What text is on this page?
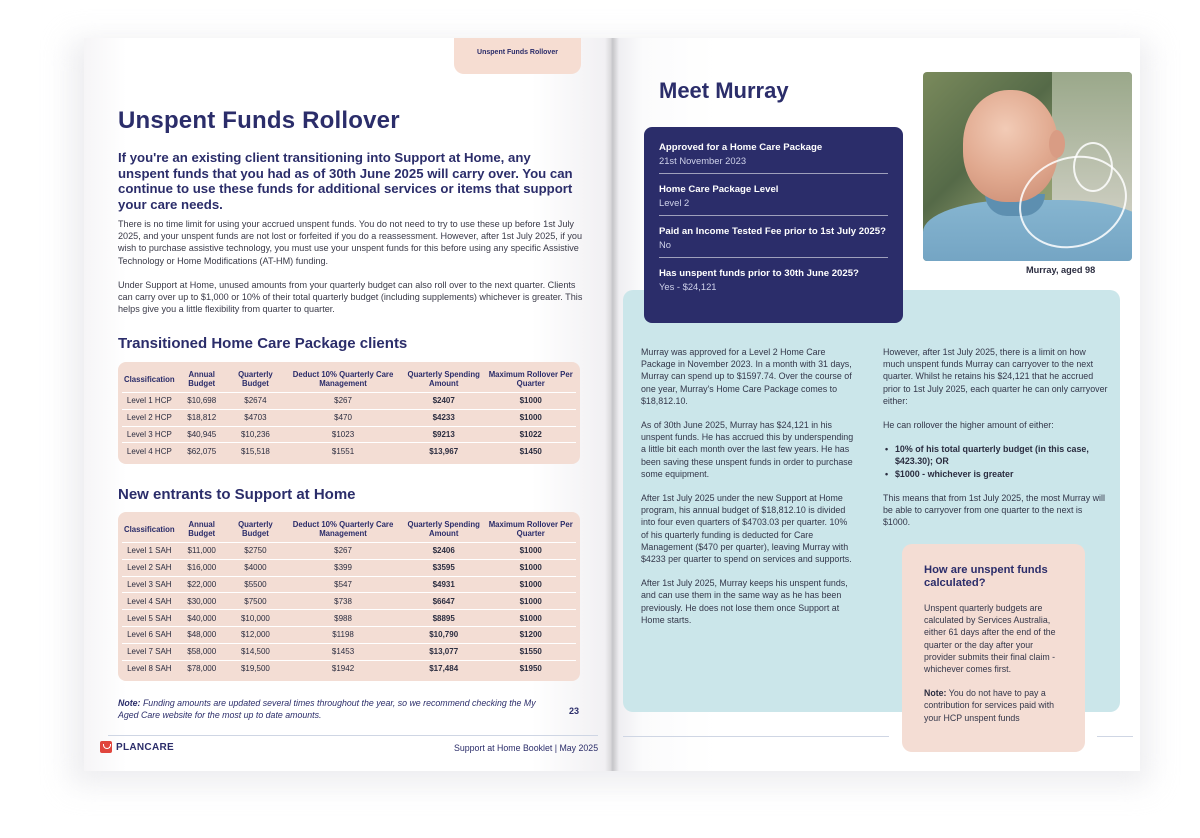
Unspent Funds Rollover
Unspent Funds Rollover
If you're an existing client transitioning into Support at Home, any unspent funds that you had as of 30th June 2025 will carry over. You can continue to use these funds for additional services or items that support your care needs.
There is no time limit for using your accrued unspent funds. You do not need to try to use these up before 1st July 2025, and your unspent funds are not lost or forfeited if you do a reassessment. However, after 1st July 2025, if you wish to purchase assistive technology, you must use your unspent funds for this before using any specific Assistive Technology or Home Modifications (AT-HM) funding.
Under Support at Home, unused amounts from your quarterly budget can also roll over to the next quarter. Clients can carry over up to $1,000 or 10% of their total quarterly budget (including supplements) whichever is greater. This helps give you a little flexibility from quarter to quarter.
Transitioned Home Care Package clients
Classification	Annual Budget	Quarterly Budget	Deduct 10% Quarterly Care Management	Quarterly Spending Amount	Maximum Rollover Per Quarter
Level 1 HCP	$10,698	$2674	$267	$2407	$1000
Level 2 HCP	$18,812	$4703	$470	$4233	$1000
Level 3 HCP	$40,945	$10,236	$1023	$9213	$1022
Level 4 HCP	$62,075	$15,518	$1551	$13,967	$1450
New entrants to Support at Home
Classification	Annual Budget	Quarterly Budget	Deduct 10% Quarterly Care Management	Quarterly Spending Amount	Maximum Rollover Per Quarter
Level 1 SAH	$11,000	$2750	$267	$2406	$1000
Level 2 SAH	$16,000	$4000	$399	$3595	$1000
Level 3 SAH	$22,000	$5500	$547	$4931	$1000
Level 4 SAH	$30,000	$7500	$738	$6647	$1000
Level 5 SAH	$40,000	$10,000	$988	$8895	$1000
Level 6 SAH	$48,000	$12,000	$1198	$10,790	$1200
Level 7 SAH	$58,000	$14,500	$1453	$13,077	$1550
Level 8 SAH	$78,000	$19,500	$1942	$17,484	$1950
Note: Funding amounts are updated several times throughout the year, so we recommend checking the My Aged Care website for the most up to date amounts.	23
PLANCARE	Support at Home Booklet | May 2025
Meet Murray
Murray, aged 98
Approved for a Home Care Package
21st November 2023
Home Care Package Level
Level 2
Paid an Income Tested Fee prior to 1st July 2025?
No
Has unspent funds prior to 30th June 2025?
Yes - $24,121

Murray was approved for a Level 2 Home Care Package in November 2023. In a month with 31 days, Murray can spend up to $1597.74. Over the course of one year, Murray's Home Care Package comes to $18,812.10.

As of 30th June 2025, Murray has $24,121 in his unspent funds. He has accrued this by underspending a little bit each month over the last few years. He has been saving these unspent funds in order to purchase some equipment.

After 1st July 2025 under the new Support at Home program, his annual budget of $18,812.10 is divided into four even quarters of $4703.03 per quarter. 10% of his quarterly funding is deducted for Care Management ($470 per quarter), leaving Murray with $4233 per quarter to spend on services and supports.

After 1st July 2025, Murray keeps his unspent funds, and can use them in the same way as he has been previously. He does not lose them once Support at Home starts.

However, after 1st July 2025, there is a limit on how much unspent funds Murray can carryover to the next quarter. Whilst he retains his $24,121 that he accrued prior to 1st July 2025, each quarter he can only carryover either:

He can rollover the higher amount of either:

• 10% of his total quarterly budget (in this case, $423.30); OR
• $1000 - whichever is greater

This means that from 1st July 2025, the most Murray will be able to carryover from one quarter to the next is $1000.

How are unspent funds calculated?

Unspent quarterly budgets are calculated by Services Australia, either 61 days after the end of the quarter or the day after your provider submits their final claim - whichever comes first.

Note: You do not have to pay a contribution for services paid with your HCP unspent funds
